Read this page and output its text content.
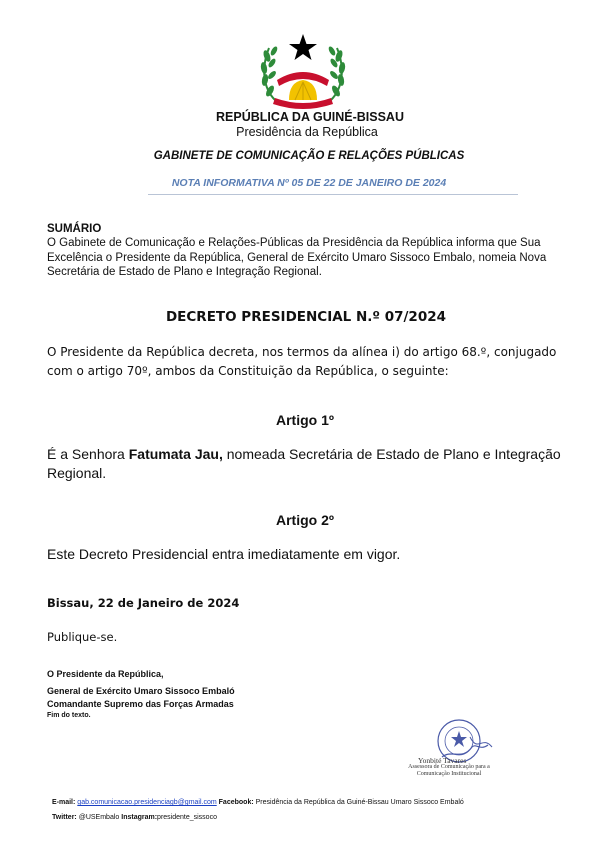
REPÚBLICA DA GUINÉ-BISSAU
Presidência da República
GABINETE DE COMUNICAÇÃO E RELAÇÕES PÚBLICAS
NOTA INFORMATIVA Nº 05 DE 22 DE JANEIRO DE 2024
SUMÁRIO
O Gabinete de Comunicação e Relações-Públicas da Presidência da República informa que Sua Excelência o Presidente da República, General de Exército Umaro Sissoco Embalo, nomeia Nova Secretária de Estado de Plano e Integração Regional.
DECRETO PRESIDENCIAL N.º 07/2024
O Presidente da República decreta, nos termos da alínea i) do artigo 68.º, conjugado com o artigo 70º, ambos da Constituição da República, o seguinte:
Artigo 1º
É a Senhora Fatumata Jau, nomeada Secretária de Estado de Plano e Integração Regional.
Artigo 2º
Este Decreto Presidencial entra imediatamente em vigor.
Bissau, 22 de Janeiro de 2024
Publique-se.
O Presidente da República,
General de Exército Umaro Sissoco Embaló
Comandante Supremo das Forças Armadas
Fim do texto.
Yonbité Tavares
Assessora de Comunicação para a Comunicação Institucional
E-mail: gab.comunicacao.presidenciagb@gmail.com Facebook: Presidência da República da Guiné-Bissau Umaro Sissoco Embaló
Twitter: @USEmbalo Instagram:presidente_sissoco
